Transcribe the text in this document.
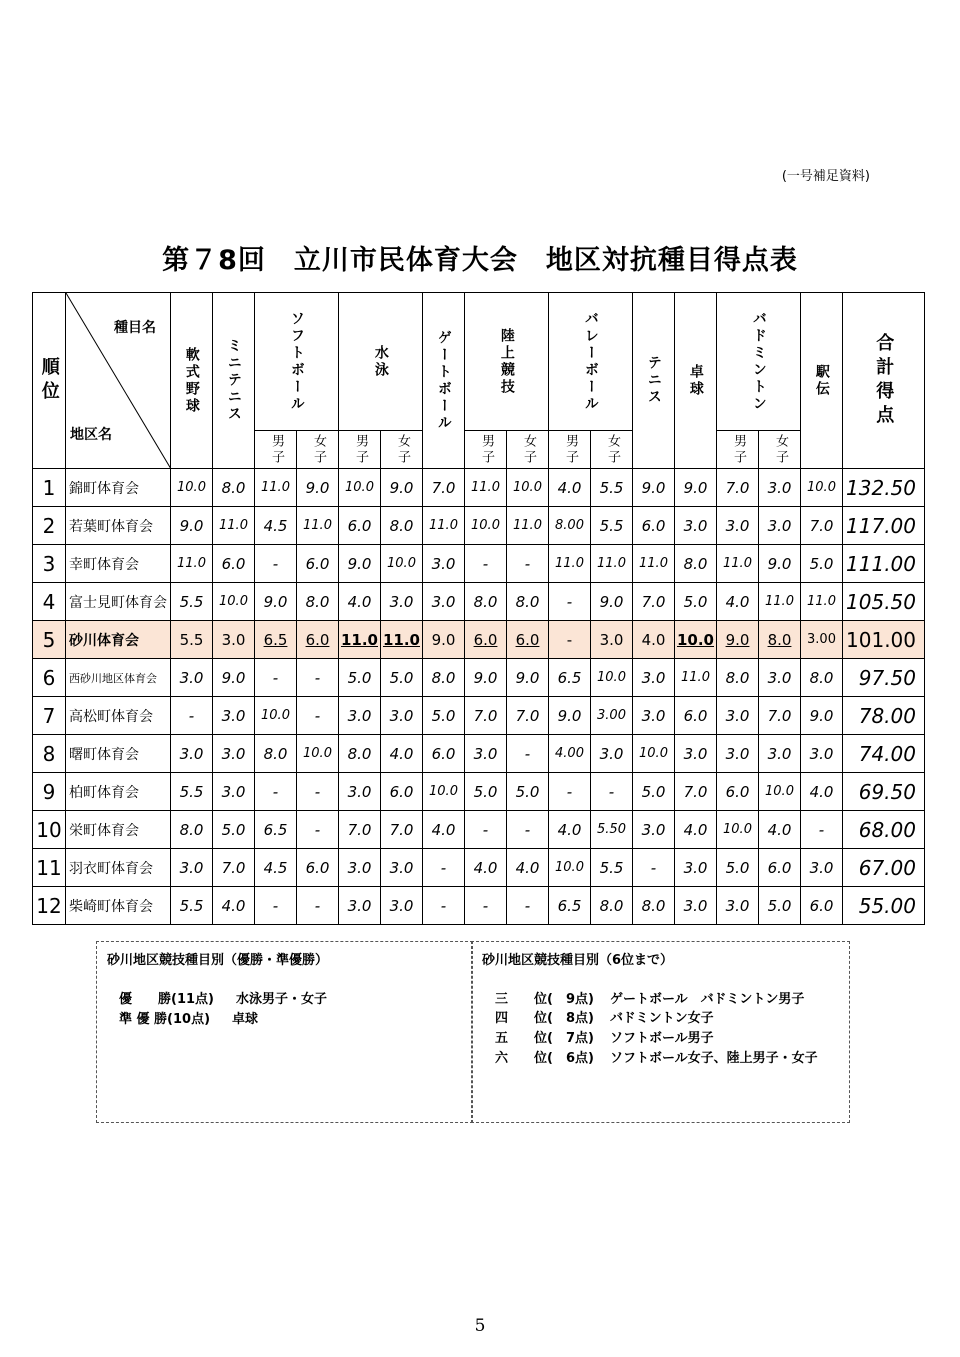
(一号補足資料)
第７8回　立川市民体育大会　地区対抗種目得点表
順位	種目名
地区名	軟式野球	ミニテニス	ソフトボール		水泳		ゲートボール	陸上競技		バレーボール		テニス	卓球	バドミントン		駅伝	合計得点

				男子	女子	男子	女子		男子	女子	男子	女子			男子	女子		

1	錦町体育会	10.0	8.0	11.0	9.0	10.0	9.0	7.0	11.0	10.0	4.0	5.5	9.0	9.0	7.0	3.0	10.0	132.50
2	若葉町体育会	9.0	11.0	4.5	11.0	6.0	8.0	11.0	10.0	11.0	8.00	5.5	6.0	3.0	3.0	3.0	7.0	117.00
3	幸町体育会	11.0	6.0	-	6.0	9.0	10.0	3.0	-	-	11.0	11.0	11.0	8.0	11.0	9.0	5.0	111.00
4	富士見町体育会	5.5	10.0	9.0	8.0	4.0	3.0	3.0	8.0	8.0	-	9.0	7.0	5.0	4.0	11.0	11.0	105.50
5	砂川体育会	5.5	3.0	6.5	6.0	11.0	11.0	9.0	6.0	6.0	-	3.0	4.0	10.0	9.0	8.0	3.00	101.00
6	西砂川地区体育会	3.0	9.0	-	-	5.0	5.0	8.0	9.0	9.0	6.5	10.0	3.0	11.0	8.0	3.0	8.0	97.50
7	高松町体育会	-	3.0	10.0	-	3.0	3.0	5.0	7.0	7.0	9.0	3.00	3.0	6.0	3.0	7.0	9.0	78.00
8	曙町体育会	3.0	3.0	8.0	10.0	8.0	4.0	6.0	3.0	-	4.00	3.0	10.0	3.0	3.0	3.0	3.0	74.00
9	柏町体育会	5.5	3.0	-	-	3.0	6.0	10.0	5.0	5.0	-	-	5.0	7.0	6.0	10.0	4.0	69.50
10	栄町体育会	8.0	5.0	6.5	-	7.0	7.0	4.0	-	-	4.0	5.50	3.0	4.0	10.0	4.0	-	68.00
11	羽衣町体育会	3.0	7.0	4.5	6.0	3.0	3.0	-	4.0	4.0	10.0	5.5	-	3.0	5.0	6.0	3.0	67.00
12	柴崎町体育会	5.5	4.0	-	-	3.0	3.0	-	-	-	6.5	8.0	8.0	3.0	3.0	5.0	6.0	55.00
砂川地区競技種目別（優勝・準優勝）
優　　勝(11点) 水泳男子・女子
準 優 勝(10点) 卓球
砂川地区競技種目別（6位まで）
三　　位(　9点) ゲートボール　バドミントン男子
四　　位(　8点) バドミントン女子
五　　位(　7点) ソフトボール男子
六　　位(　6点) ソフトボール女子、陸上男子・女子
5
